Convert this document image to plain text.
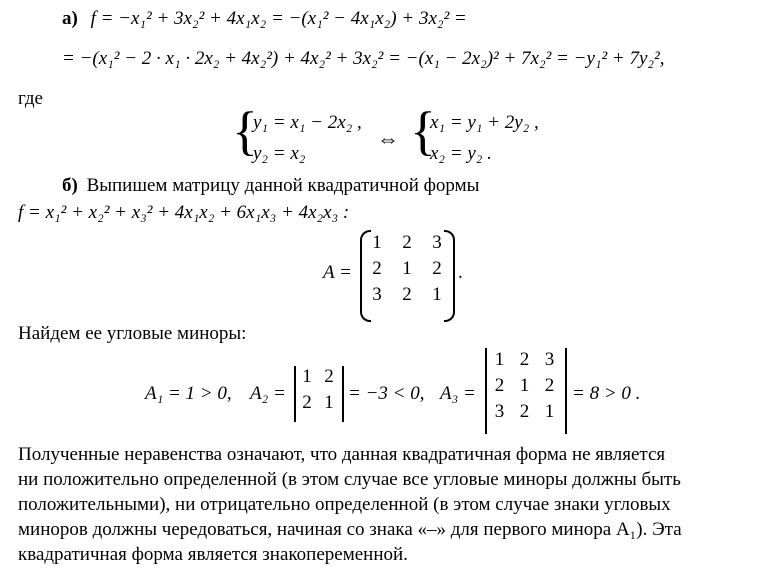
а) f = −x₁² + 3x₂² + 4x₁x₂ = −(x₁² − 4x₁x₂) + 3x₂² =
= −(x₁² − 2 · x₁ · 2x₂ + 4x₂²) + 4x₂² + 3x₂² = −(x₁ − 2x₂)² + 7x₂² = −y₁² + 7y₂²,
где
{
y₁ = x₁ − 2x₂ ,
y₂ = x₂
⇔ {
x₁ = y₁ + 2y₂ ,
x₂ = y₂ .
б) Выпишем матрицу данной квадратичной формы
f = x₁² + x₂² + x₃² + 4x₁x₂ + 6x₁x₃ + 4x₂x₃ :
A =
1	2	3
2	1	2
3	2	1
.
Найдем ее угловые миноры:
A₁ = 1 > 0, A₂ =
1 2
2 1 = −3 < 0, A₃ =
1 2 3
2 1 2
3 2 1
= 8 > 0 .
Полученные неравенства означают, что данная квадратичная форма не является
ни положительно определенной (в этом случае все угловые миноры должны быть
положительными), ни отрицательно определенной (в этом случае знаки угловых
миноров должны чередоваться, начиная со знака «–» для первого минора A₁). Эта
квадратичная форма является знакопеременной.
